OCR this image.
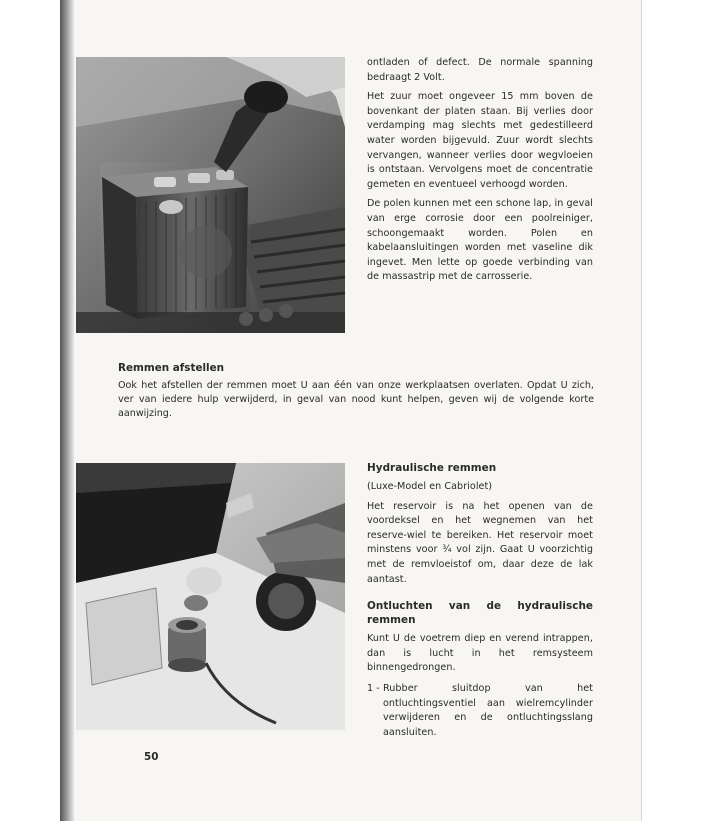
ontladen of defect. De normale spanning bedraagt 2 Volt.

Het zuur moet ongeveer 15 mm boven de bovenkant der platen staan. Bij verlies door verdamping mag slechts met gedestilleerd water worden bijgevuld. Zuur wordt slechts vervangen, wanneer verlies door wegvloeien is ontstaan. Vervolgens moet de concentratie gemeten en eventueel verhoogd worden.

De polen kunnen met een schone lap, in geval van erge corrosie door een poolreiniger, schoongemaakt worden. Polen en kabelaansluitingen worden met vaseline dik ingevet. Men lette op goede verbinding van de massastrip met de carrosserie.

Remmen afstellen

Ook het afstellen der remmen moet U aan één van onze werkplaatsen overlaten. Opdat U zich, ver van iedere hulp verwijderd, in geval van nood kunt helpen, geven wij de volgende korte aanwijzing.

Hydraulische remmen

(Luxe-Model en Cabriolet)

Het reservoir is na het openen van de voordeksel en het wegnemen van het reserve-wiel te bereiken. Het reservoir moet minstens voor ¾ vol zijn. Gaat U voorzichtig met de remvloeistof om, daar deze de lak aantast.

Ontluchten van de hydraulische remmen

Kunt U de voetrem diep en verend intrappen, dan is lucht in het remsysteem binnengedrongen.

1 - Rubber sluitdop van het ontluchtingsventiel aan wielremcylinder verwijderen en de ontluchtingsslang aansluiten.
50
